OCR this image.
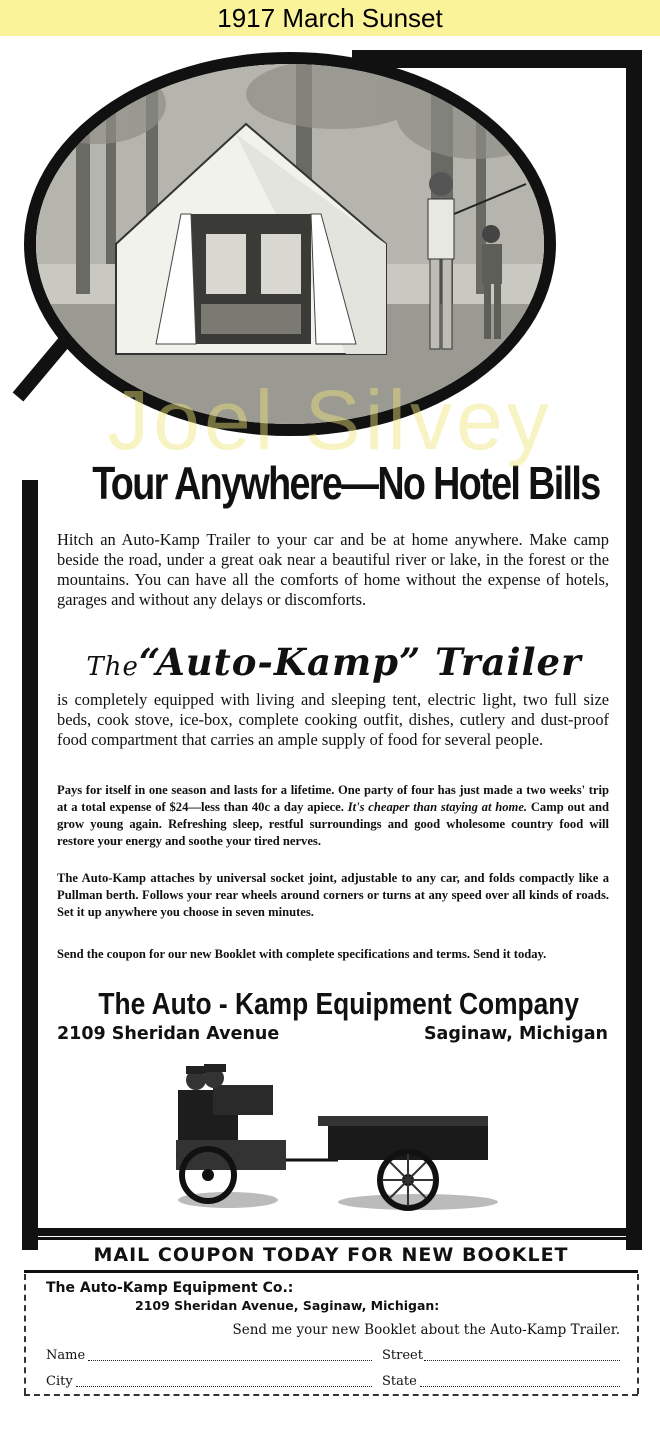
1917 March Sunset
Joel Silvey
Tour Anywhere—No Hotel Bills
Hitch an Auto-Kamp Trailer to your car and be at home anywhere. Make camp beside the road, under a great oak near a beautiful river or lake, in the forest or the mountains. You can have all the comforts of home without the expense of hotels, garages and without any delays or discomforts.
The“Auto-Kamp” Trailer
is completely equipped with living and sleeping tent, electric light, two full size beds, cook stove, ice-box, complete cooking outfit, dishes, cutlery and dust-proof food compartment that carries an ample supply of food for several people.
Pays for itself in one season and lasts for a lifetime. One party of four has just made a two weeks' trip at a total expense of $24—less than 40c a day apiece. It's cheaper than staying at home. Camp out and grow young again. Refreshing sleep, restful surroundings and good wholesome country food will restore your energy and soothe your tired nerves.
The Auto-Kamp attaches by universal socket joint, adjustable to any car, and folds compactly like a Pullman berth. Follows your rear wheels around corners or turns at any speed over all kinds of roads. Set it up anywhere you choose in seven minutes.
Send the coupon for our new Booklet with complete specifications and terms. Send it today.
The Auto - Kamp Equipment Company
2109 Sheridan Avenue	Saginaw, Michigan
MAIL COUPON TODAY FOR NEW BOOKLET
The Auto-Kamp Equipment Co.:
2109 Sheridan Avenue, Saginaw, Michigan:
Send me your new Booklet about the Auto-Kamp Trailer.
Name	Street
City	State
